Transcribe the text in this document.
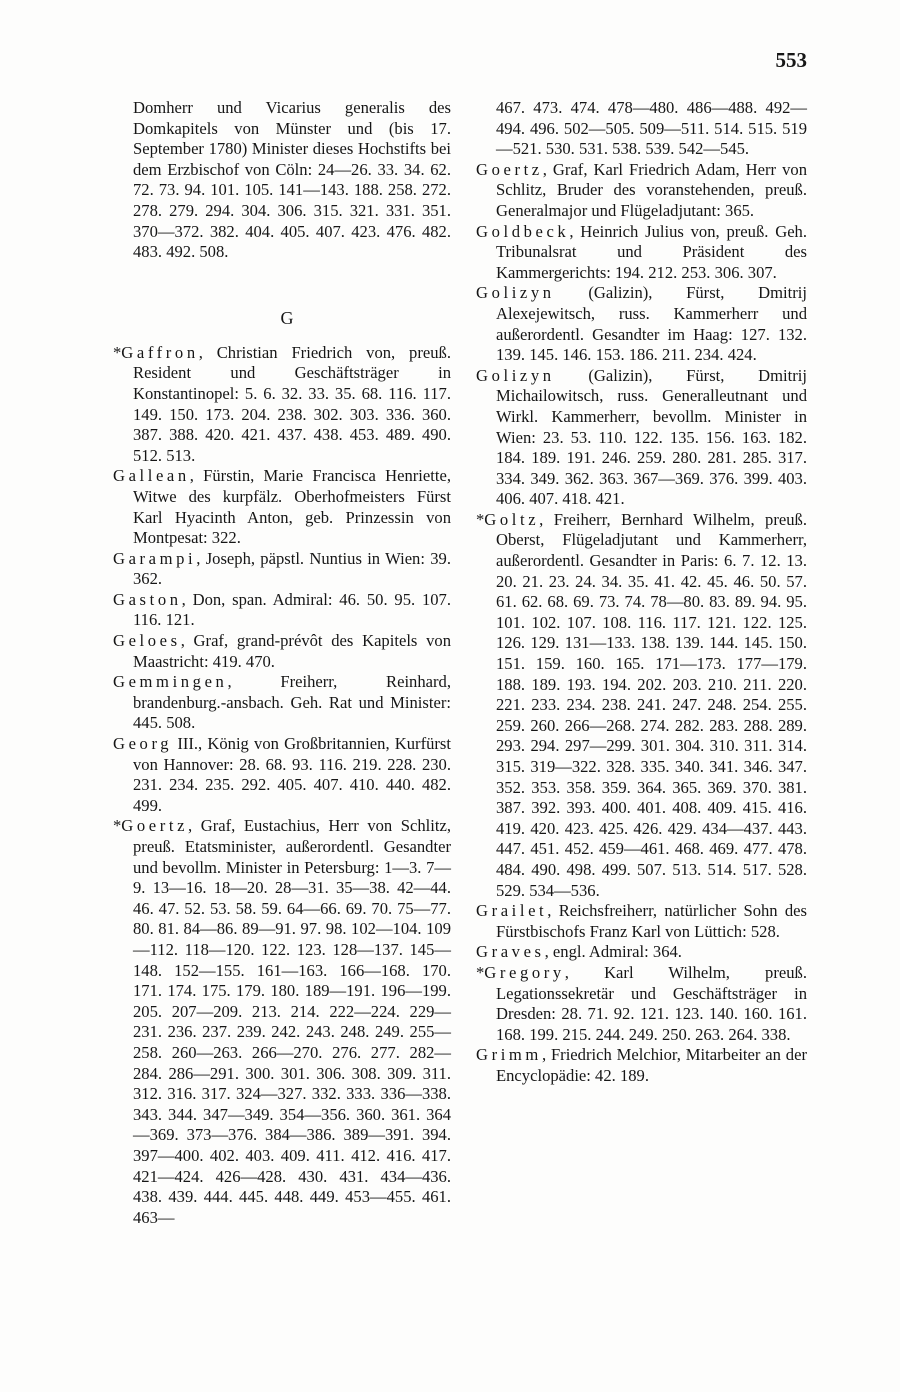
553

Domherr und Vicarius generalis des Domkapitels von Münster und (bis 17. September 1780) Minister dieses Hochstifts bei dem Erzbischof von Cöln: 24—26. 33. 34. 62. 72. 73. 94. 101. 105. 141—143. 188. 258. 272. 278. 279. 294. 304. 306. 315. 321. 331. 351. 370—372. 382. 404. 405. 407. 423. 476. 482. 483. 492. 508.

G

*Gaffron, Christian Friedrich von, preuß. Resident und Geschäftsträger in Konstantinopel: 5. 6. 32. 33. 35. 68. 116. 117. 149. 150. 173. 204. 238. 302. 303. 336. 360. 387. 388. 420. 421. 437. 438. 453. 489. 490. 512. 513.

Gallean, Fürstin, Marie Francisca Henriette, Witwe des kurpfälz. Oberhofmeisters Fürst Karl Hyacinth Anton, geb. Prinzessin von Montpesat: 322.

Garampi, Joseph, päpstl. Nuntius in Wien: 39. 362.

Gaston, Don, span. Admiral: 46. 50. 95. 107. 116. 121.

Geloes, Graf, grand-prévôt des Kapitels von Maastricht: 419. 470.

Gemmingen, Freiherr, Reinhard, brandenburg.-ansbach. Geh. Rat und Minister: 445. 508.

Georg III., König von Großbritannien, Kurfürst von Hannover: 28. 68. 93. 116. 219. 228. 230. 231. 234. 235. 292. 405. 407. 410. 440. 482. 499.

*Goertz, Graf, Eustachius, Herr von Schlitz, preuß. Etatsminister, außerordentl. Gesandter und bevollm. Minister in Petersburg: 1—3. 7—9. 13—16. 18—20. 28—31. 35—38. 42—44. 46. 47. 52. 53. 58. 59. 64—66. 69. 70. 75—77. 80. 81. 84—86. 89—91. 97. 98. 102—104. 109—112. 118—120. 122. 123. 128—137. 145—148. 152—155. 161—163. 166—168. 170. 171. 174. 175. 179. 180. 189—191. 196—199. 205. 207—209. 213. 214. 222—224. 229—231. 236. 237. 239. 242. 243. 248. 249. 255—258. 260—263. 266—270. 276. 277. 282—284. 286—291. 300. 301. 306. 308. 309. 311. 312. 316. 317. 324—327. 332. 333. 336—338. 343. 344. 347—349. 354—356. 360. 361. 364—369. 373—376. 384—386. 389—391. 394. 397—400. 402. 403. 409. 411. 412. 416. 417. 421—424. 426—428. 430. 431. 434—436. 438. 439. 444. 445. 448. 449. 453—455. 461. 463—

467. 473. 474. 478—480. 486—488. 492—494. 496. 502—505. 509—511. 514. 515. 519—521. 530. 531. 538. 539. 542—545.

Goertz, Graf, Karl Friedrich Adam, Herr von Schlitz, Bruder des voranstehenden, preuß. Generalmajor und Flügeladjutant: 365.

Goldbeck, Heinrich Julius von, preuß. Geh. Tribunalsrat und Präsident des Kammergerichts: 194. 212. 253. 306. 307.

Golizyn (Galizin), Fürst, Dmitrij Alexejewitsch, russ. Kammerherr und außerordentl. Gesandter im Haag: 127. 132. 139. 145. 146. 153. 186. 211. 234. 424.

Golizyn (Galizin), Fürst, Dmitrij Michailowitsch, russ. Generalleutnant und Wirkl. Kammerherr, bevollm. Minister in Wien: 23. 53. 110. 122. 135. 156. 163. 182. 184. 189. 191. 246. 259. 280. 281. 285. 317. 334. 349. 362. 363. 367—369. 376. 399. 403. 406. 407. 418. 421.

*Goltz, Freiherr, Bernhard Wilhelm, preuß. Oberst, Flügeladjutant und Kammerherr, außerordentl. Gesandter in Paris: 6. 7. 12. 13. 20. 21. 23. 24. 34. 35. 41. 42. 45. 46. 50. 57. 61. 62. 68. 69. 73. 74. 78—80. 83. 89. 94. 95. 101. 102. 107. 108. 116. 117. 121. 122. 125. 126. 129. 131—133. 138. 139. 144. 145. 150. 151. 159. 160. 165. 171—173. 177—179. 188. 189. 193. 194. 202. 203. 210. 211. 220. 221. 233. 234. 238. 241. 247. 248. 254. 255. 259. 260. 266—268. 274. 282. 283. 288. 289. 293. 294. 297—299. 301. 304. 310. 311. 314. 315. 319—322. 328. 335. 340. 341. 346. 347. 352. 353. 358. 359. 364. 365. 369. 370. 381. 387. 392. 393. 400. 401. 408. 409. 415. 416. 419. 420. 423. 425. 426. 429. 434—437. 443. 447. 451. 452. 459—461. 468. 469. 477. 478. 484. 490. 498. 499. 507. 513. 514. 517. 528. 529. 534—536.

Grailet, Reichsfreiherr, natürlicher Sohn des Fürstbischofs Franz Karl von Lüttich: 528.

Graves, engl. Admiral: 364.

*Gregory, Karl Wilhelm, preuß. Legationssekretär und Geschäftsträger in Dresden: 28. 71. 92. 121. 123. 140. 160. 161. 168. 199. 215. 244. 249. 250. 263. 264. 338.

Grimm, Friedrich Melchior, Mitarbeiter an der Encyclopädie: 42. 189.
